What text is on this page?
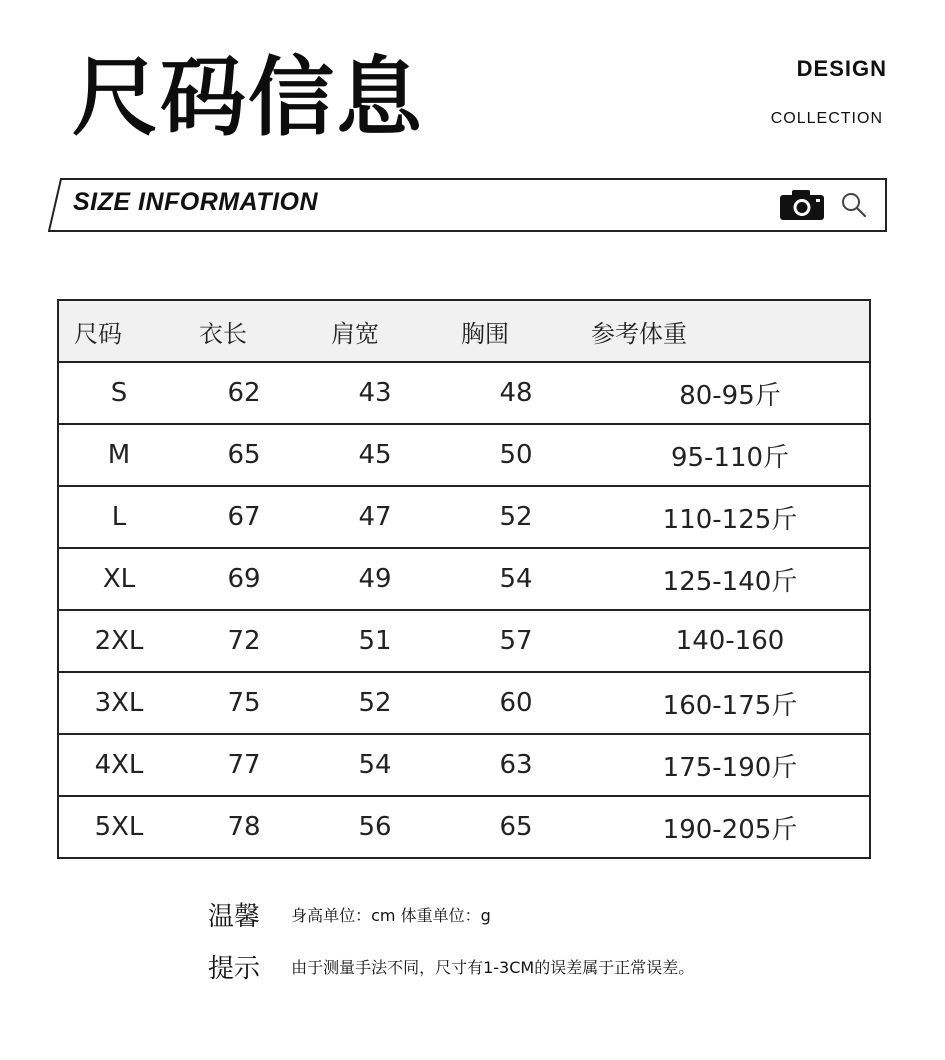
尺码信息	DESIGN
COLLECTION
SIZE INFORMATION
尺码	衣长	肩宽	胸围	参考体重
S	62	43	48	80-95斤
M	65	45	50	95-110斤
L	67	47	52	110-125斤
XL	69	49	54	125-140斤
2XL	72	51	57	140-160
3XL	75	52	60	160-175斤
4XL	77	54	63	175-190斤
5XL	78	56	65	190-205斤
温馨 身高单位：cm 体重单位：g
提示 由于测量手法不同，尺寸有1-3CM的误差属于正常误差。
